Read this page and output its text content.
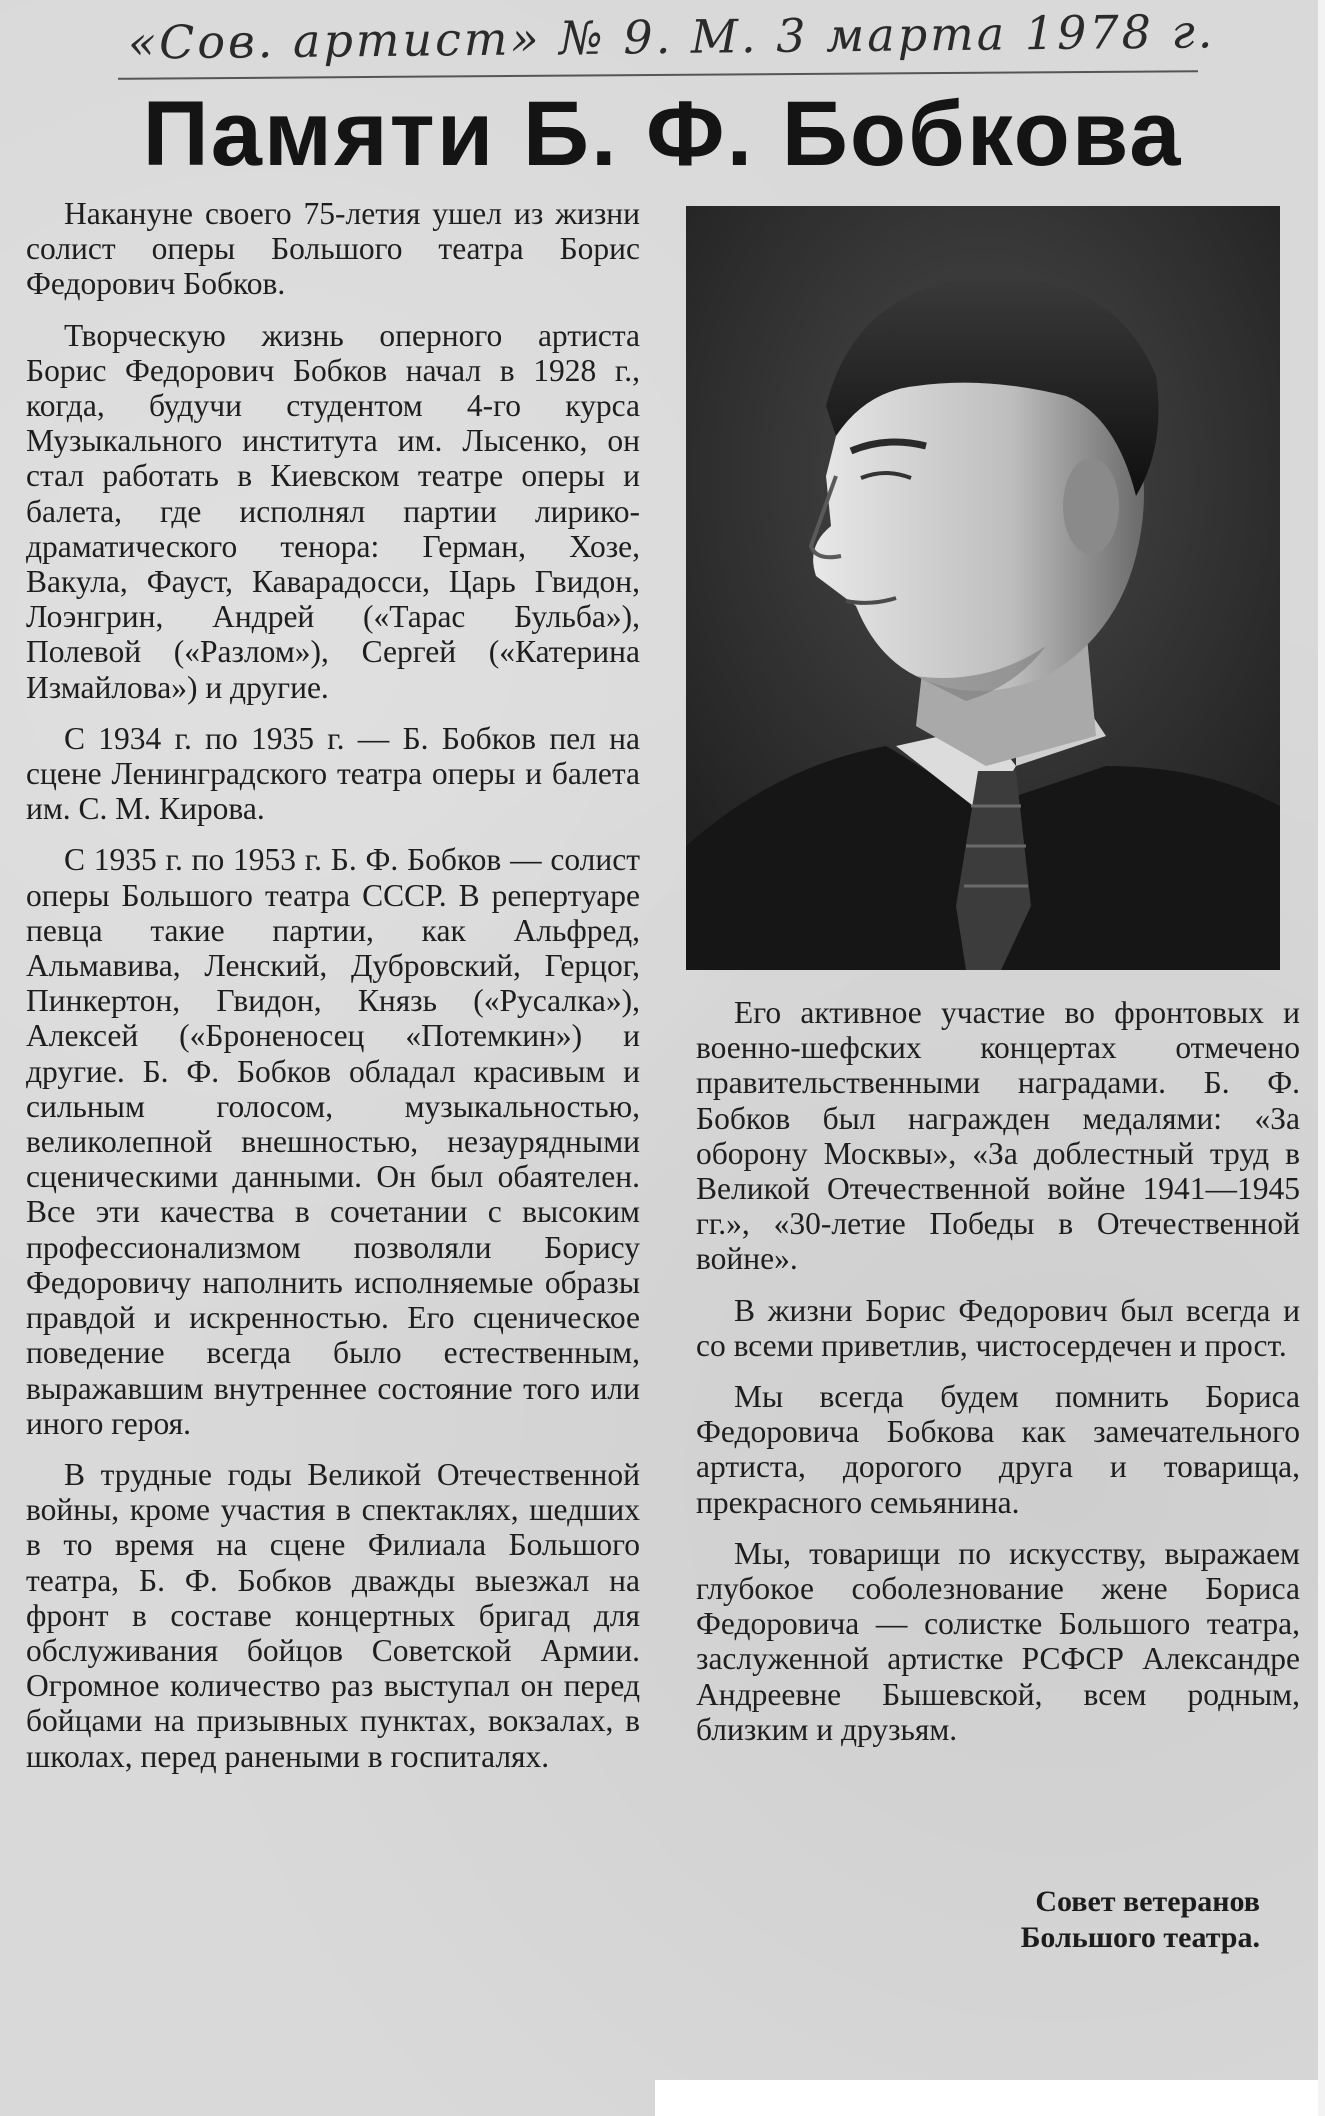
«Сов. артист» № 9. М. 3 марта 1978 г.
Памяти Б. Ф. Бобкова

Накануне своего 75-летия ушел из жизни солист оперы Большого театра Борис Федорович Бобков.

Творческую жизнь оперного артиста Борис Федорович Бобков начал в 1928 г., когда, будучи студентом 4-го курса Музыкального института им. Лысенко, он стал работать в Киевском театре оперы и балета, где исполнял партии лирико-драматического тенора: Герман, Хозе, Вакула, Фауст, Каварадосси, Царь Гвидон, Лоэнгрин, Андрей («Тарас Бульба»), Полевой («Разлом»), Сергей («Катерина Измайлова») и другие.

С 1934 г. по 1935 г. — Б. Бобков пел на сцене Ленинградского театра оперы и балета им. С. М. Кирова.

С 1935 г. по 1953 г. Б. Ф. Бобков — солист оперы Большого театра СССР. В репертуаре певца такие партии, как Альфред, Альмавива, Ленский, Дубровский, Герцог, Пинкертон, Гвидон, Князь («Русалка»), Алексей («Броненосец «Потемкин») и другие. Б. Ф. Бобков обладал красивым и сильным голосом, музыкальностью, великолепной внешностью, незаурядными сценическими данными. Он был обаятелен. Все эти качества в сочетании с высоким профессионализмом позволяли Борису Федоровичу наполнить исполняемые образы правдой и искренностью. Его сценическое поведение всегда было естественным, выражавшим внутреннее состояние того или иного героя.

В трудные годы Великой Отечественной войны, кроме участия в спектаклях, шедших в то время на сцене Филиала Большого театра, Б. Ф. Бобков дважды выезжал на фронт в составе концертных бригад для обслуживания бойцов Советской Армии. Огромное количество раз выступал он перед бойцами на призывных пунктах, вокзалах, в школах, перед ранеными в госпиталях.

Его активное участие во фронтовых и военно-шефских концертах отмечено правительственными наградами. Б. Ф. Бобков был награжден медалями: «За оборону Москвы», «За доблестный труд в Великой Отечественной войне 1941—1945 гг.», «30-летие Победы в Отечественной войне».

В жизни Борис Федорович был всегда и со всеми приветлив, чистосердечен и прост.

Мы всегда будем помнить Бориса Федоровича Бобкова как замечательного артиста, дорогого друга и товарища, прекрасного семьянина.

Мы, товарищи по искусству, выражаем глубокое соболезнование жене Бориса Федоровича — солистке Большого театра, заслуженной артистке РСФСР Александре Андреевне Бышевской, всем родным, близким и друзьям.

Совет ветеранов
Большого театра.
